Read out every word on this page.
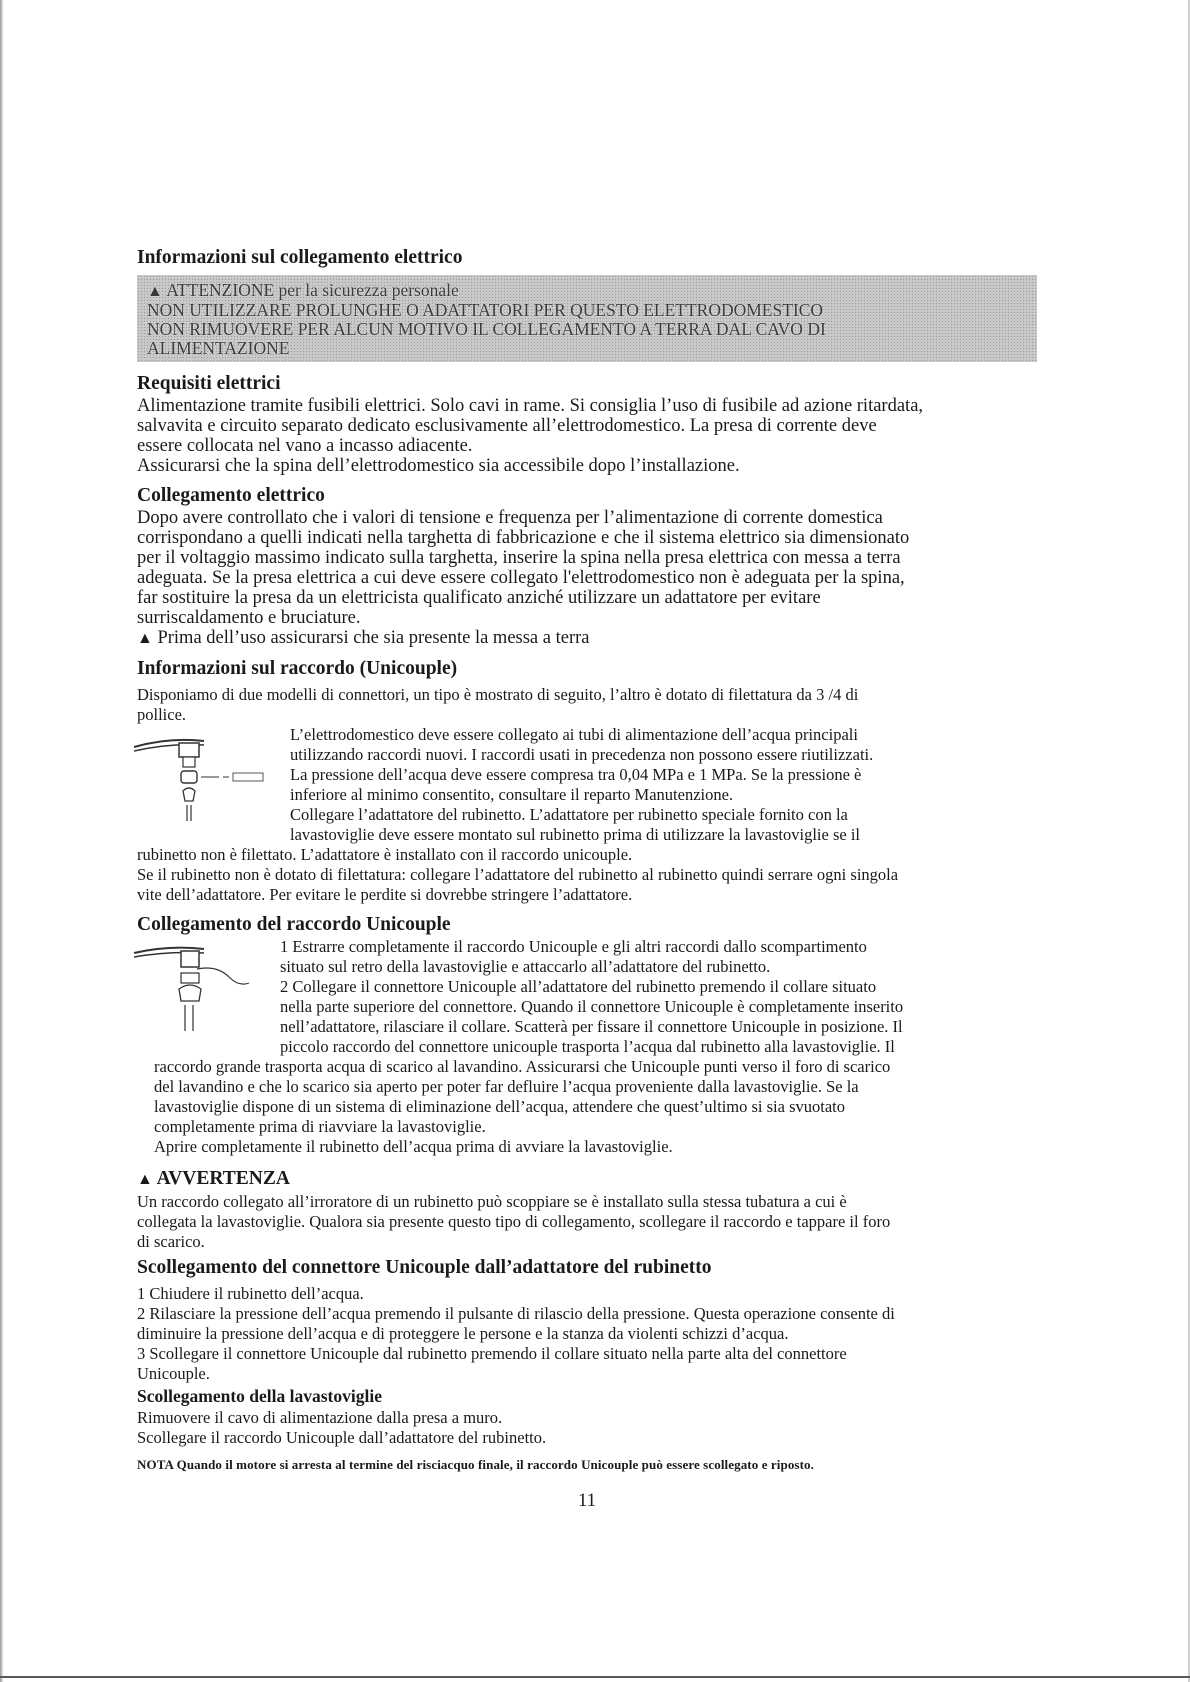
Informazioni sul collegamento elettrico
▲ ATTENZIONE per la sicurezza personale
NON UTILIZZARE PROLUNGHE O ADATTATORI PER QUESTO ELETTRODOMESTICO
NON RIMUOVERE PER ALCUN MOTIVO IL COLLEGAMENTO A TERRA DAL CAVO DI
ALIMENTAZIONE
Requisiti elettrici

Alimentazione tramite fusibili elettrici. Solo cavi in rame. Si consiglia l’uso di fusibile ad azione ritardata,

salvavita e circuito separato dedicato esclusivamente all’elettrodomestico. La presa di corrente deve

essere collocata nel vano a incasso adiacente.

Assicurarsi che la spina dell’elettrodomestico sia accessibile dopo l’installazione.

Collegamento elettrico

Dopo avere controllato che i valori di tensione e frequenza per l’alimentazione di corrente domestica

corrispondano a quelli indicati nella targhetta di fabbricazione e che il sistema elettrico sia dimensionato

per il voltaggio massimo indicato sulla targhetta, inserire la spina nella presa elettrica con messa a terra

adeguata. Se la presa elettrica a cui deve essere collegato l'elettrodomestico non è adeguata per la spina,

far sostituire la presa da un elettricista qualificato anziché utilizzare un adattatore per evitare

surriscaldamento e bruciature.

▲ Prima dell’uso assicurarsi che sia presente la messa a terra

Informazioni sul raccordo (Unicouple)

Disponiamo di due modelli di connettori, un tipo è mostrato di seguito, l’altro è dotato di filettatura da 3 /4 di

pollice.

L’elettrodomestico deve essere collegato ai tubi di alimentazione dell’acqua principali

utilizzando raccordi nuovi. I raccordi usati in precedenza non possono essere riutilizzati.

La pressione dell’acqua deve essere compresa tra 0,04 MPa e 1 MPa. Se la pressione è

inferiore al minimo consentito, consultare il reparto Manutenzione.

Collegare l’adattatore del rubinetto. L’adattatore per rubinetto speciale fornito con la

lavastoviglie deve essere montato sul rubinetto prima di utilizzare la lavastoviglie se il

rubinetto non è filettato. L’adattatore è installato con il raccordo unicouple.

Se il rubinetto non è dotato di filettatura: collegare l’adattatore del rubinetto al rubinetto quindi serrare ogni singola

vite dell’adattatore. Per evitare le perdite si dovrebbe stringere l’adattatore.

Collegamento del raccordo Unicouple

1 Estrarre completamente il raccordo Unicouple e gli altri raccordi dallo scompartimento

situato sul retro della lavastoviglie e attaccarlo all’adattatore del rubinetto.

2 Collegare il connettore Unicouple all’adattatore del rubinetto premendo il collare situato

nella parte superiore del connettore. Quando il connettore Unicouple è completamente inserito

nell’adattatore, rilasciare il collare. Scatterà per fissare il connettore Unicouple in posizione. Il

piccolo raccordo del connettore unicouple trasporta l’acqua dal rubinetto alla lavastoviglie. Il

raccordo grande trasporta acqua di scarico al lavandino. Assicurarsi che Unicouple punti verso il foro di scarico

del lavandino e che lo scarico sia aperto per poter far defluire l’acqua proveniente dalla lavastoviglie. Se la

lavastoviglie dispone di un sistema di eliminazione dell’acqua, attendere che quest’ultimo si sia svuotato

completamente prima di riavviare la lavastoviglie.

Aprire completamente il rubinetto dell’acqua prima di avviare la lavastoviglie.

▲ AVVERTENZA

Un raccordo collegato all’irroratore di un rubinetto può scoppiare se è installato sulla stessa tubatura a cui è

collegata la lavastoviglie. Qualora sia presente questo tipo di collegamento, scollegare il raccordo e tappare il foro

di scarico.

Scollegamento del connettore Unicouple dall’adattatore del rubinetto

1 Chiudere il rubinetto dell’acqua.

2 Rilasciare la pressione dell’acqua premendo il pulsante di rilascio della pressione. Questa operazione consente di

diminuire la pressione dell’acqua e di proteggere le persone e la stanza da violenti schizzi d’acqua.

3 Scollegare il connettore Unicouple dal rubinetto premendo il collare situato nella parte alta del connettore

Unicouple.

Scollegamento della lavastoviglie

Rimuovere il cavo di alimentazione dalla presa a muro.

Scollegare il raccordo Unicouple dall’adattatore del rubinetto.

NOTA Quando il motore si arresta al termine del risciacquo finale, il raccordo Unicouple può essere scollegato e riposto.

11
